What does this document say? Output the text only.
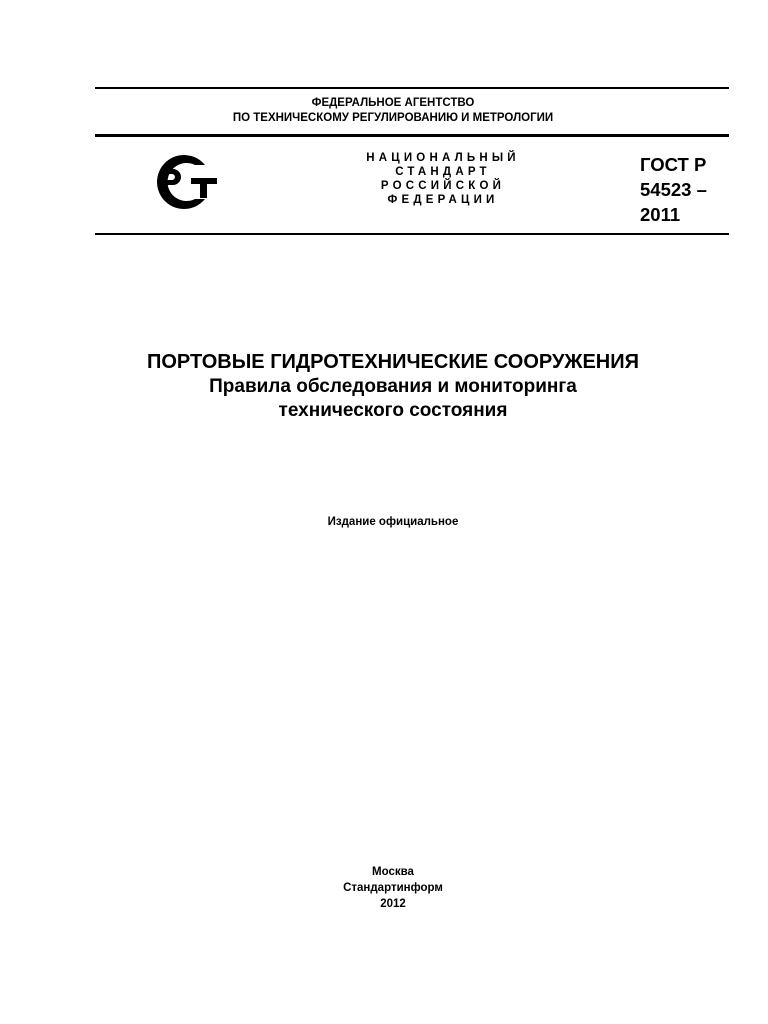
ФЕДЕРАЛЬНОЕ АГЕНТСТВО
ПО ТЕХНИЧЕСКОМУ РЕГУЛИРОВАНИЮ И МЕТРОЛОГИИ
НАЦИОНАЛЬНЫЙ
СТАНДАРТ
РОССИЙСКОЙ
ФЕДЕРАЦИИ
ГОСТ Р
54523 –
2011
ПОРТОВЫЕ ГИДРОТЕХНИЧЕСКИЕ СООРУЖЕНИЯ
Правила обследования и мониторинга
технического состояния
Издание официальное
Москва
Стандартинформ
2012
